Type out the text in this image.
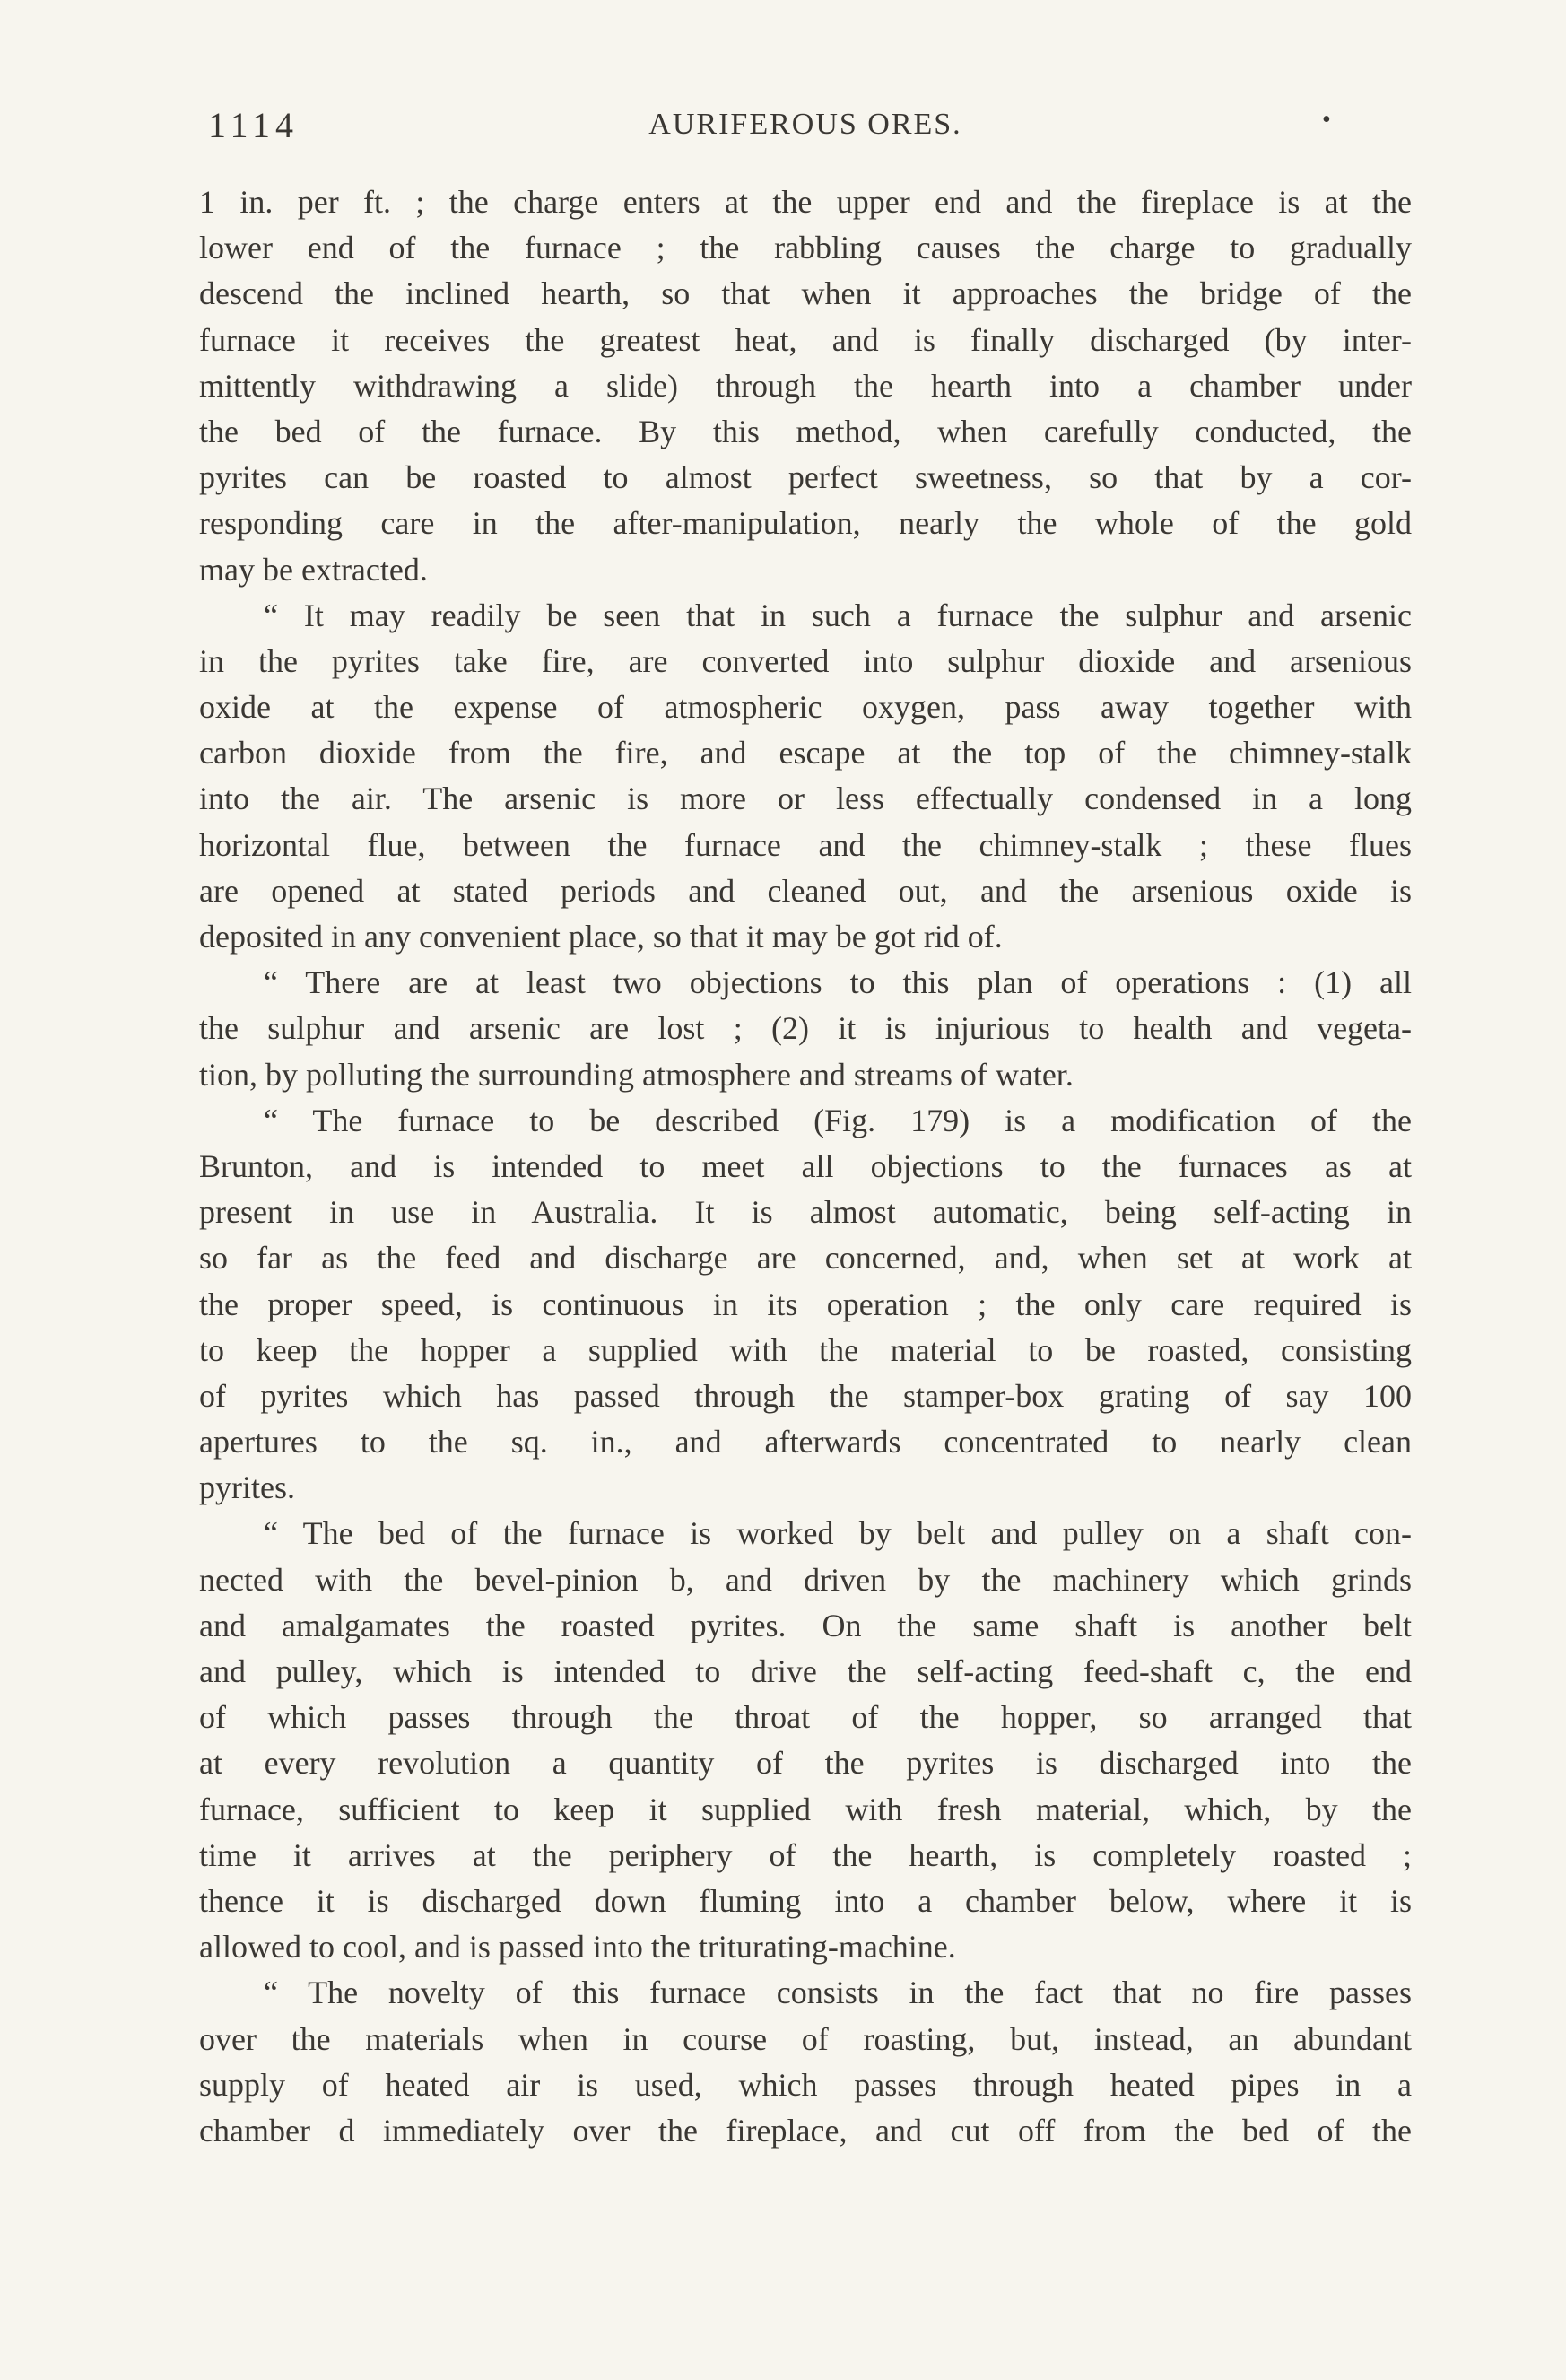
1114	AURIFEROUS ORES.	•
1 in. per ft. ; the charge enters at the upper end and the fireplace is at the
lower end of the furnace ; the rabbling causes the charge to gradually
descend the inclined hearth, so that when it approaches the bridge of the
furnace it receives the greatest heat, and is finally discharged (by inter-
mittently withdrawing a slide) through the hearth into a chamber under
the bed of the furnace. By this method, when carefully conducted, the
pyrites can be roasted to almost perfect sweetness, so that by a cor-
responding care in the after-manipulation, nearly the whole of the gold
may be extracted.
“ It may readily be seen that in such a furnace the sulphur and arsenic
in the pyrites take fire, are converted into sulphur dioxide and arsenious
oxide at the expense of atmospheric oxygen, pass away together with
carbon dioxide from the fire, and escape at the top of the chimney-stalk
into the air. The arsenic is more or less effectually condensed in a long
horizontal flue, between the furnace and the chimney-stalk ; these flues
are opened at stated periods and cleaned out, and the arsenious oxide is
deposited in any convenient place, so that it may be got rid of.
“ There are at least two objections to this plan of operations : (1) all
the sulphur and arsenic are lost ; (2) it is injurious to health and vegeta-
tion, by polluting the surrounding atmosphere and streams of water.
“ The furnace to be described (Fig. 179) is a modification of the
Brunton, and is intended to meet all objections to the furnaces as at
present in use in Australia. It is almost automatic, being self-acting in
so far as the feed and discharge are concerned, and, when set at work at
the proper speed, is continuous in its operation ; the only care required is
to keep the hopper a supplied with the material to be roasted, consisting
of pyrites which has passed through the stamper-box grating of say 100
apertures to the sq. in., and afterwards concentrated to nearly clean
pyrites.
“ The bed of the furnace is worked by belt and pulley on a shaft con-
nected with the bevel-pinion b, and driven by the machinery which grinds
and amalgamates the roasted pyrites. On the same shaft is another belt
and pulley, which is intended to drive the self-acting feed-shaft c, the end
of which passes through the throat of the hopper, so arranged that
at every revolution a quantity of the pyrites is discharged into the
furnace, sufficient to keep it supplied with fresh material, which, by the
time it arrives at the periphery of the hearth, is completely roasted ;
thence it is discharged down fluming into a chamber below, where it is
allowed to cool, and is passed into the triturating-machine.
“ The novelty of this furnace consists in the fact that no fire passes
over the materials when in course of roasting, but, instead, an abundant
supply of heated air is used, which passes through heated pipes in a
chamber d immediately over the fireplace, and cut off from the bed of the
